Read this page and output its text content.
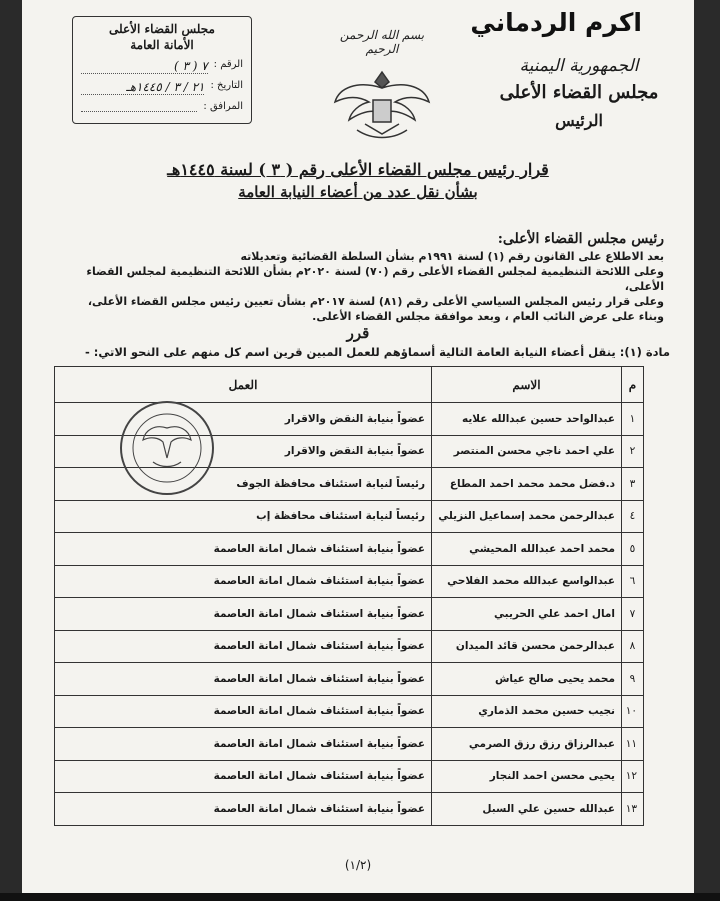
اكرم الردماني
الجمهورية اليمنية
مجلس القضاء الأعلى
الرئيس
بسم الله الرحمن الرحيم
مجلس القضاء الأعلى
الأمانة العامة
الرقم :
٧ ( ٣ )
التاريخ :
٢١ / ٣ / ١٤٤٥هـ
المرافق :
قرار رئيس مجلس القضاء الأعلى رقم ( ٣ ) لسنة ١٤٤٥هـ
بشأن نقل عدد من أعضاء النيابة العامة
رئيس مجلس القضاء الأعلى:
بعد الاطلاع على القانون رقم (١) لسنة ١٩٩١م بشأن السلطة القضائية وتعديلاته
وعلى اللائحة التنظيمية لمجلس القضاء الأعلى رقم (٧٠) لسنة ٢٠٢٠م بشأن اللائحة التنظيمية لمجلس القضاء الأعلى،
وعلى قرار رئيس المجلس السياسي الأعلى رقم (٨١) لسنة ٢٠١٧م بشأن تعيين رئيس مجلس القضاء الأعلى،
وبناء على عرض النائب العام ، وبعد موافقة مجلس القضاء الأعلى.
قرر
مادة (١): ينقل أعضاء النيابة العامة التالية أسماؤهم للعمل المبين قرين اسم كل منهم على النحو الاتي: -
م	الاسم	العمل
١	عبدالواحد حسين عبدالله علايه	عضواً بنيابة النقض والاقرار
٢	علي احمد ناجي محسن المنتصر	عضواً بنيابة النقض والاقرار
٣	د.فضل محمد محمد احمد المطاع	رئيساً لنيابة استئناف محافظة الجوف
٤	عبدالرحمن محمد إسماعيل النزيلي	رئيساً لنيابة استئناف محافظة إب
٥	محمد احمد عبدالله المحيشي	عضواً بنيابة استئناف شمال امانة العاصمة
٦	عبدالواسع عبدالله محمد الفلاحي	عضواً بنيابة استئناف شمال امانة العاصمة
٧	امال احمد علي الحريبي	عضواً بنيابة استئناف شمال امانة العاصمة
٨	عبدالرحمن محسن قائد الميدان	عضواً بنيابة استئناف شمال امانة العاصمة
٩	محمد يحيى صالح عياش	عضواً بنيابة استئناف شمال امانة العاصمة
١٠	نجيب حسين محمد الذماري	عضواً بنيابة استئناف شمال امانة العاصمة
١١	عبدالرزاق رزق رزق الصرمي	عضواً بنيابة استئناف شمال امانة العاصمة
١٢	يحيى محسن احمد النجار	عضواً بنيابة استئناف شمال امانة العاصمة
١٣	عبدالله حسين علي السبل	عضواً بنيابة استئناف شمال امانة العاصمة
(١/٢)
